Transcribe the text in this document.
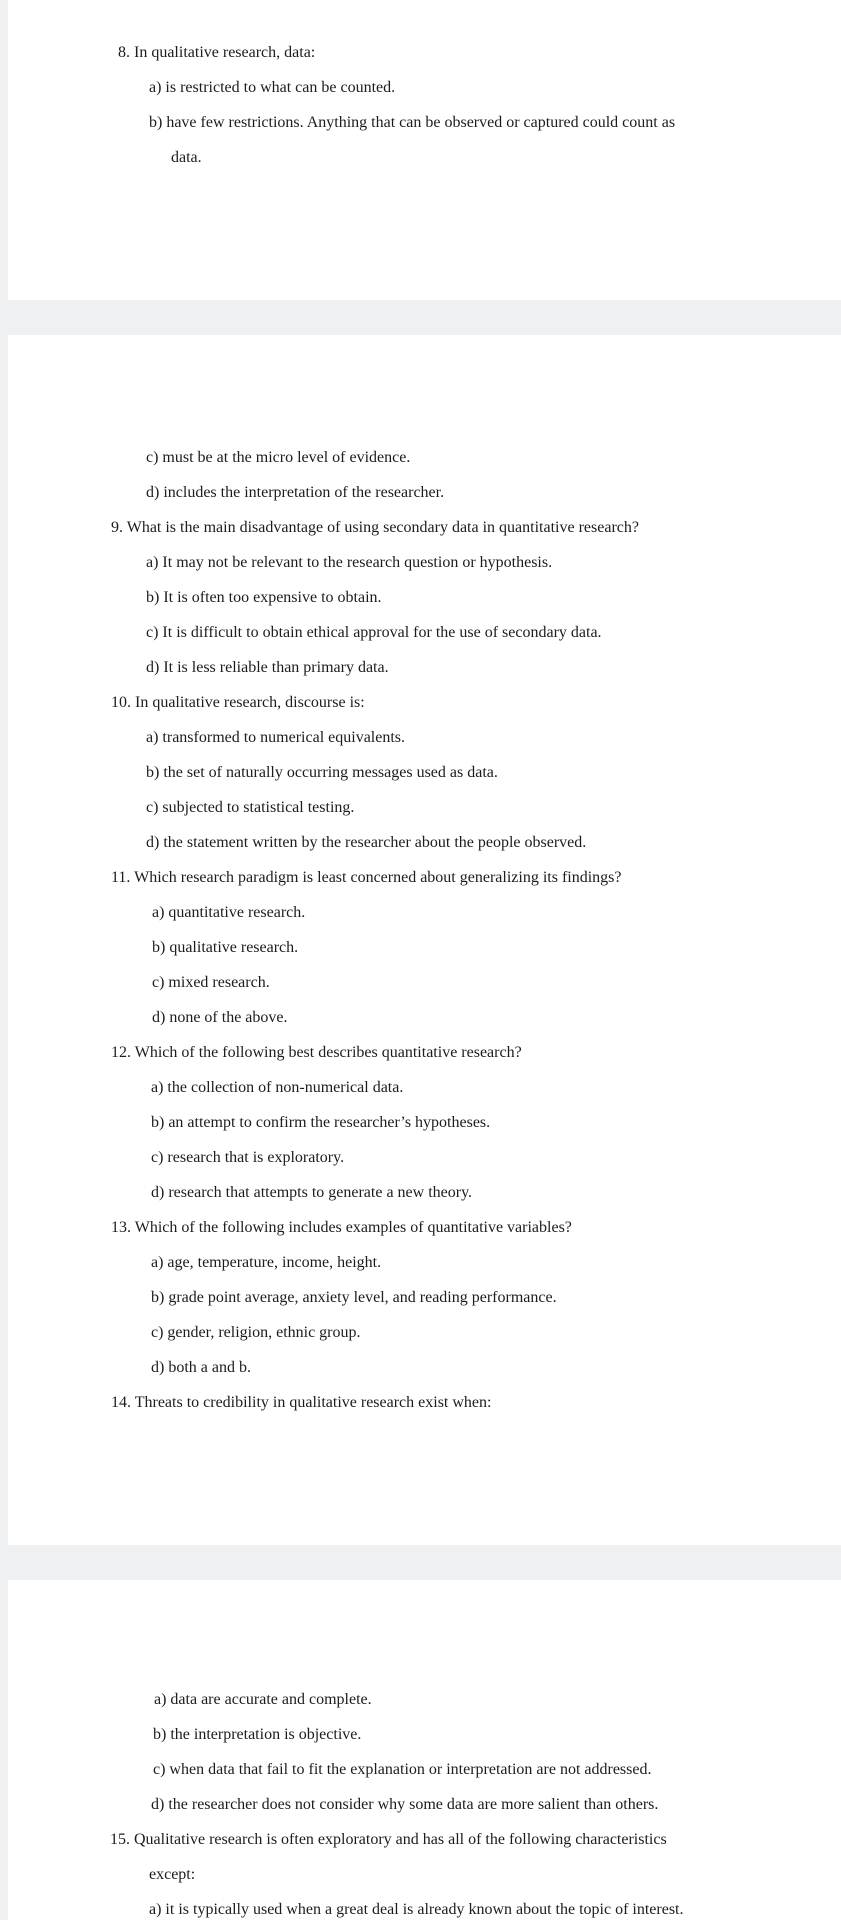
8. In qualitative research, data:
a) is restricted to what can be counted.
b) have few restrictions. Anything that can be observed or captured could count as
data.
c) must be at the micro level of evidence.
d) includes the interpretation of the researcher.
9. What is the main disadvantage of using secondary data in quantitative research?
a) It may not be relevant to the research question or hypothesis.
b) It is often too expensive to obtain.
c) It is difficult to obtain ethical approval for the use of secondary data.
d) It is less reliable than primary data.
10. In qualitative research, discourse is:
a) transformed to numerical equivalents.
b) the set of naturally occurring messages used as data.
c) subjected to statistical testing.
d) the statement written by the researcher about the people observed.
11. Which research paradigm is least concerned about generalizing its findings?
a) quantitative research.
b) qualitative research.
c) mixed research.
d) none of the above.
12. Which of the following best describes quantitative research?
a) the collection of non-numerical data.
b) an attempt to confirm the researcher’s hypotheses.
c) research that is exploratory.
d) research that attempts to generate a new theory.
13. Which of the following includes examples of quantitative variables?
a) age, temperature, income, height.
b) grade point average, anxiety level, and reading performance.
c) gender, religion, ethnic group.
d) both a and b.
14. Threats to credibility in qualitative research exist when:
a) data are accurate and complete.
b) the interpretation is objective.
c) when data that fail to fit the explanation or interpretation are not addressed.
d) the researcher does not consider why some data are more salient than others.
15. Qualitative research is often exploratory and has all of the following characteristics
except:
a) it is typically used when a great deal is already known about the topic of interest.
